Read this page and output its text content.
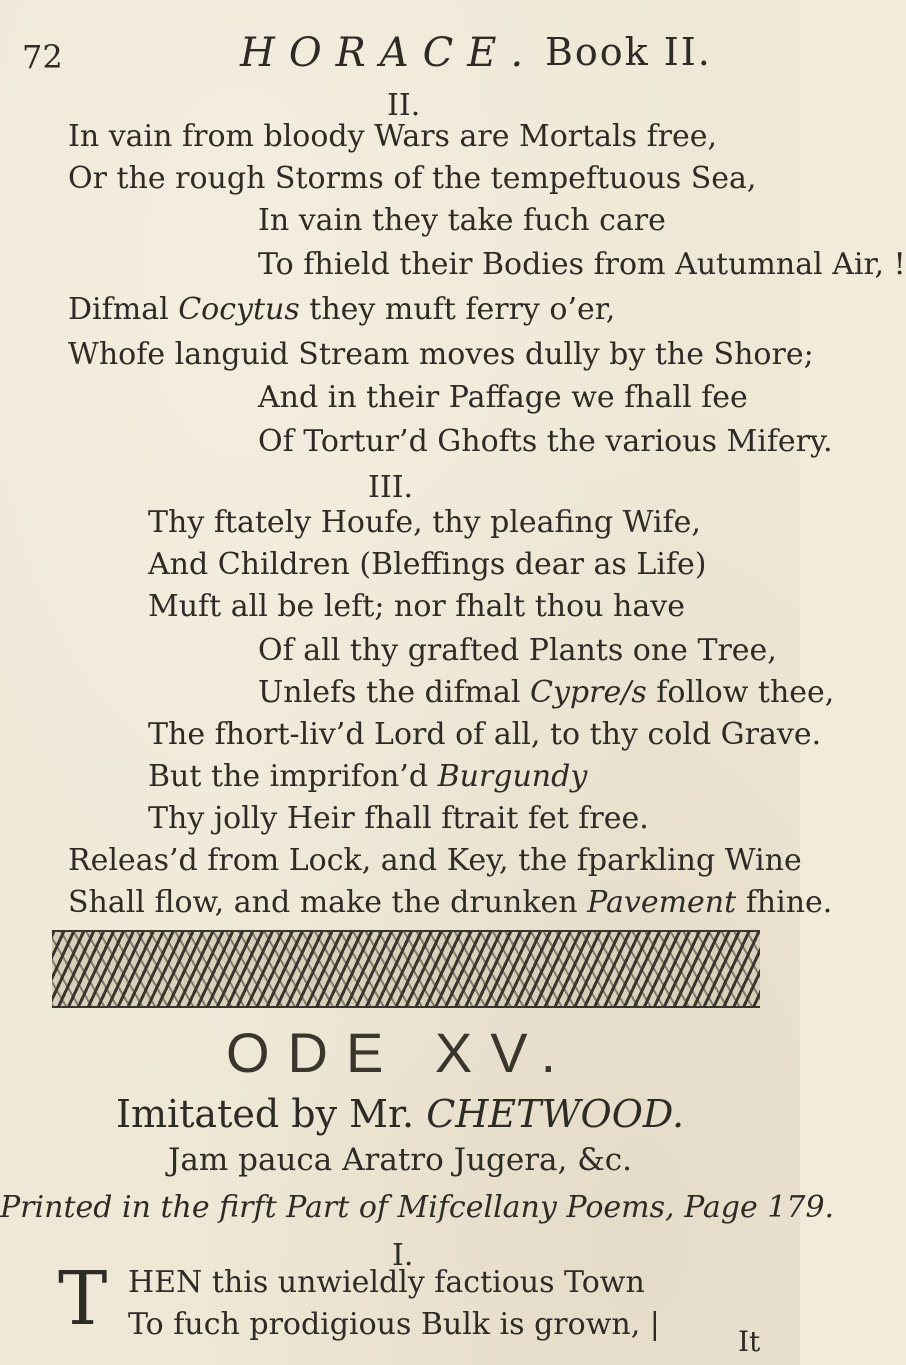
72	HORACE. Book II.
II.
In vain from bloody Wars are Mortals free,
Or the rough Storms of the tempeftuous Sea,
In vain they take fuch care
To fhield their Bodies from Autumnal Air, !
Difmal Cocytus they muft ferry o’er,
Whofe languid Stream moves dully by the Shore;
And in their Paffage we fhall fee
Of Tortur’d Ghofts the various Mifery.
III.
Thy ftately Houfe, thy pleafing Wife,
And Children (Bleffings dear as Life)
Muft all be left; nor fhalt thou have
Of all thy grafted Plants one Tree,
Unlefs the difmal Cypre/s follow thee,
The fhort-liv’d Lord of all, to thy cold Grave.
But the imprifon’d Burgundy
Thy jolly Heir fhall ftrait fet free.
Releas’d from Lock, and Key, the fparkling Wine
Shall flow, and make the drunken Pavement fhine.
ODE XV.
Imitated by Mr. CHETWOOD.
Jam pauca Aratro Jugera, &c.
Printed in the firft Part of Mifcellany Poems, Page 179.
I.
T HEN this unwieldly factious Town
To fuch prodigious Bulk is grown, |	It
